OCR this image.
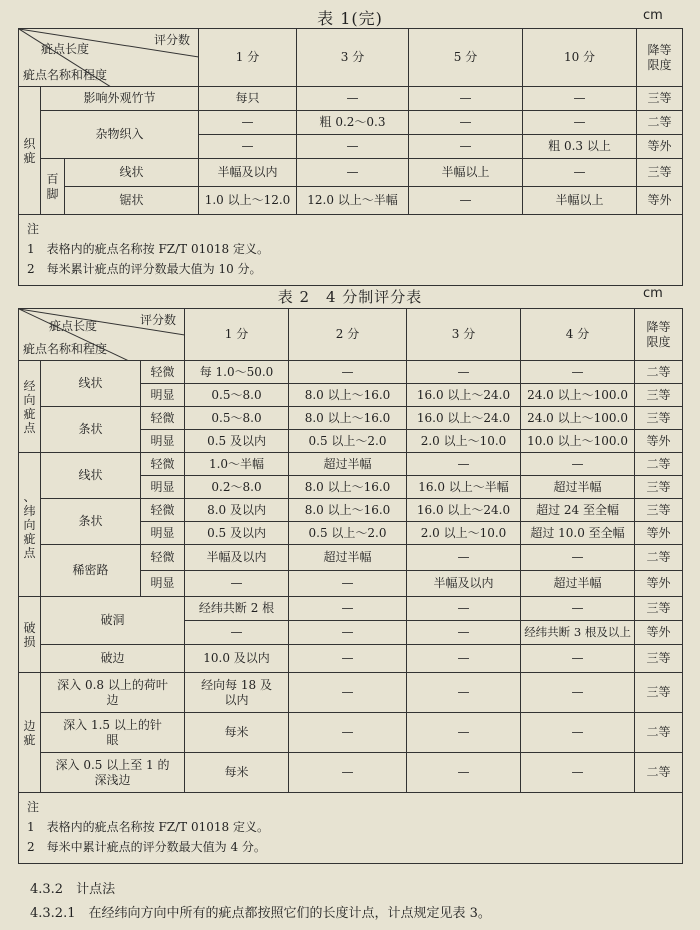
表 1(完)	cm
评分数
疵点长度
疵点名称和程度			1 分	3 分	5 分	10 分	降等限度
织疵	影响外观竹节		每只	—	—	—	三等
	杂物织入		—	粗 0.2～0.3	—	—	二等
			—	—	—	粗 0.3 以上	等外
	百脚	线状	半幅及以内	—	半幅以上	—	三等
		锯状	1.0 以上～12.0	12.0 以上～半幅	—	半幅以上	等外

注
1　表格内的疵点名称按 FZ/T 01018 定义。
2　每米累计疵点的评分数最大值为 10 分。							
表 2　4 分制评分表	cm
评分数
疵点长度
疵点名称和程度			1 分	2 分	3 分	4 分	降等限度
经向疵点	线状	轻微	每 1.0～50.0	—	—	—	二等
		明显	0.5～8.0	8.0 以上～16.0	16.0 以上～24.0	24.0 以上～100.0	三等
	条状	轻微	0.5～8.0	8.0 以上～16.0	16.0 以上～24.0	24.0 以上～100.0	三等
		明显	0.5 及以内	0.5 以上～2.0	2.0 以上～10.0	10.0 以上～100.0	等外
、纬向疵点	线状	轻微	1.0～半幅	超过半幅	—	—	二等
		明显	0.2～8.0	8.0 以上～16.0	16.0 以上～半幅	超过半幅	三等
	条状	轻微	8.0 及以内	8.0 以上～16.0	16.0 以上～24.0	超过 24 至全幅	三等
		明显	0.5 及以内	0.5 以上～2.0	2.0 以上～10.0	超过 10.0 至全幅	等外
	稀密路	轻微	半幅及以内	超过半幅	—	—	二等
		明显	—	—	半幅及以内	超过半幅	等外
破损	破洞		经纬共断 2 根	—	—	—	三等
			—	—	—	经纬共断 3 根及以上	等外
	破边		10.0 及以内	—	—	—	三等
边疵	深入 0.8 以上的荷叶边		经向每 18 及以内	—	—	—	三等
	深入 1.5 以上的针眼		每米	—	—	—	二等
	深入 0.5 以上至 1 的深浅边		每米	—	—	—	二等

注
1　表格内的疵点名称按 FZ/T 01018 定义。
2　每米中累计疵点的评分数最大值为 4 分。							
4.3.2　计点法
4.3.2.1　在经纬向方向中所有的疵点都按照它们的长度计点，计点规定见表 3。
